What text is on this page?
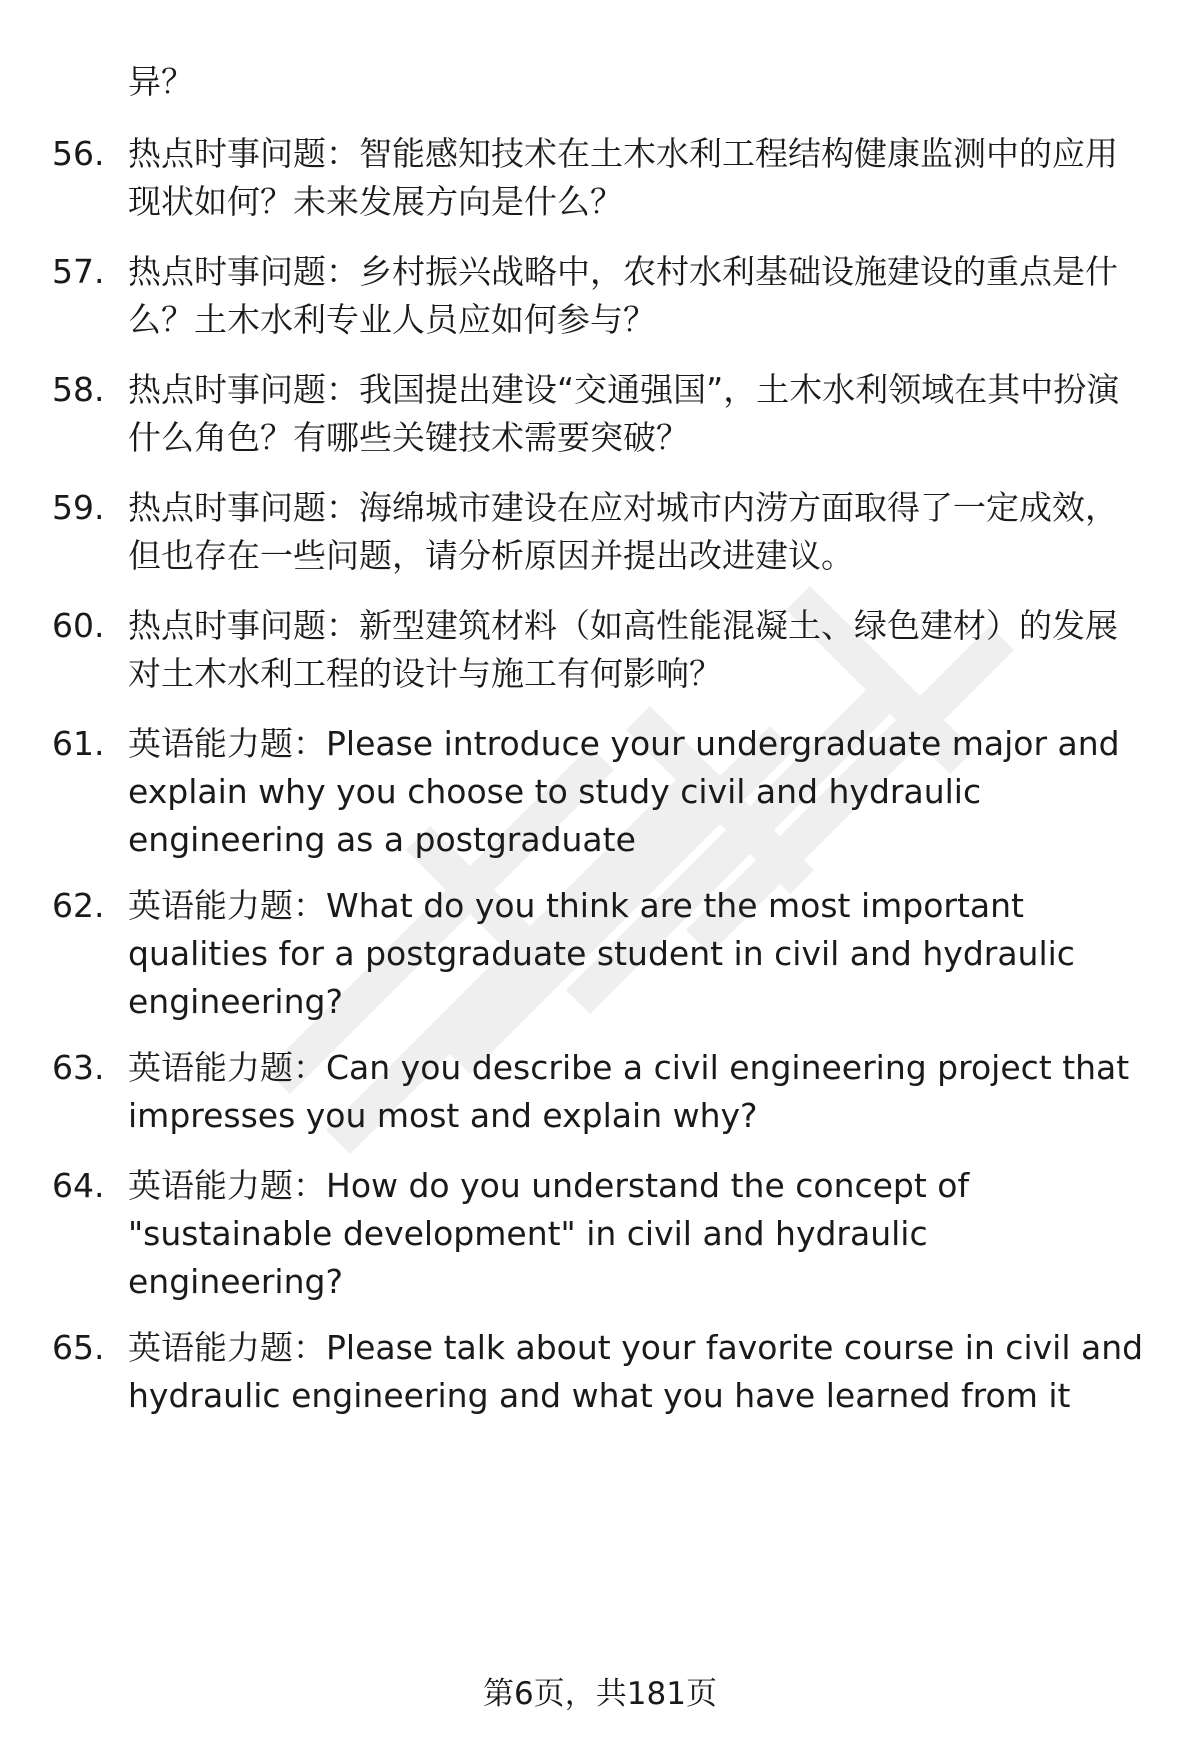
异？
56. 热点时事问题：智能感知技术在土木水利工程结构健康监测中的应用现状如何？未来发展方向是什么？
57. 热点时事问题：乡村振兴战略中，农村水利基础设施建设的重点是什么？土木水利专业人员应如何参与？
58. 热点时事问题：我国提出建设“交通强国”，土木水利领域在其中扮演什么角色？有哪些关键技术需要突破？
59. 热点时事问题：海绵城市建设在应对城市内涝方面取得了一定成效，但也存在一些问题，请分析原因并提出改进建议。
60. 热点时事问题：新型建筑材料（如高性能混凝土、绿色建材）的发展对土木水利工程的设计与施工有何影响？
61. 英语能力题：Please introduce your undergraduate major and explain why you choose to study civil and hydraulic engineering as a postgraduate
62. 英语能力题：What do you think are the most important qualities for a postgraduate student in civil and hydraulic engineering?
63. 英语能力题：Can you describe a civil engineering project that impresses you most and explain why?
64. 英语能力题：How do you understand the concept of "sustainable development" in civil and hydraulic engineering?
65. 英语能力题：Please talk about your favorite course in civil and hydraulic engineering and what you have learned from it
第6页，共181页
